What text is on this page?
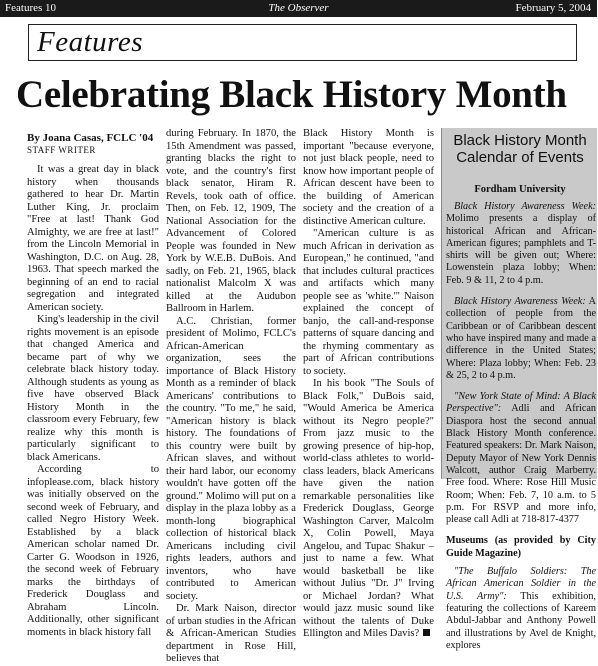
The Observer
Features 10	February 5, 2004
Features
Celebrating Black History Month
By Joana Casas, FCLC '04
STAFF WRITER

It was a great day in black history when thousands gathered to hear Dr. Martin Luther King, Jr. proclaim "Free at last! Thank God Almighty, we are free at last!" from the Lincoln Memorial in Washington, D.C. on Aug. 28, 1963. That speech marked the beginning of an end to racial segregation and integrated American society.

King's leadership in the civil rights movement is an episode that changed America and became part of why we celebrate black history today. Although students as young as five have observed Black History Month in the classroom every February, few realize why this month is particularly significant to black Americans.

According to infoplease.com, black history was initially observed on the second week of February, and called Negro History Week. Established by a black American scholar named Dr. Carter G. Woodson in 1926, the second week of February marks the birthdays of Frederick Douglass and Abraham Lincoln. Additionally, other significant moments in black history fall

during February. In 1870, the 15th Amendment was passed, granting blacks the right to vote, and the country's first black senator, Hiram R. Revels, took oath of office. Then, on Feb. 12, 1909, The National Association for the Advancement of Colored People was founded in New York by W.E.B. DuBois. And sadly, on Feb. 21, 1965, black nationalist Malcolm X was killed at the Audubon Ballroom in Harlem.

A.C. Christian, former president of Molimo, FCLC's African-American organization, sees the importance of Black History Month as a reminder of black Americans' contributions to the country. "To me," he said, "American history is black history. The foundations of this country were built by African slaves, and without their hard labor, our economy wouldn't have gotten off the ground." Molimo will put on a display in the plaza lobby as a month-long biographical collection of historical black Americans including civil rights leaders, authors and inventors, who have contributed to American society.

Dr. Mark Naison, director of urban studies in the African & African-American Studies department in Rose Hill, believes that

Black History Month is important "because everyone, not just black people, need to know how important people of African descent have been to the building of American society and the creation of a distinctive American culture.

"American culture is as much African in derivation as European," he continued, "and that includes cultural practices and artifacts which many people see as 'white.'" Naison explained the concept of banjo, the call-and-response patterns of square dancing and the rhyming commentary as part of African contributions to society.

In his book "The Souls of Black Folk," DuBois said, "Would America be America without its Negro people?" From jazz music to the growing presence of hip-hop, world-class athletes to world-class leaders, black Americans have given the nation remarkable personalities like Frederick Douglass, George Washington Carver, Malcolm X, Colin Powell, Maya Angelou, and Tupac Shakur – just to name a few. What would basketball be like without Julius "Dr. J" Irving or Michael Jordan? What would jazz music sound like without the talents of Duke Ellington and Miles Davis?

Black History Month
Calendar of Events
Fordham University

Black History Awareness Week: Molimo presents a display of historical African and African-American figures; pamphlets and T-shirts will be given out; Where: Lowenstein plaza lobby; When: Feb. 9 & 11, 2 to 4 p.m.

Black History Awareness Week: A collection of people from the Caribbean or of Caribbean descent who have inspired many and made a difference in the United States; Where: Plaza lobby; When: Feb. 23 & 25, 2 to 4 p.m.

"New York State of Mind: A Black Perspective": Adli and African Diaspora host the second annual Black History Month conference. Featured speakers: Dr. Mark Naison, Deputy Mayor of New York Dennis Walcott, author Craig Marberry. Free food. Where: Rose Hill Music Room; When: Feb. 7, 10 a.m. to 5 p.m. For RSVP and more info, please call Adli at 718-817-4377

Museums (as provided by City Guide Magazine)

"The Buffalo Soldiers: The African American Soldier in the U.S. Army": This exhibition, featuring the collections of Kareem Abdul-Jabbar and Anthony Powell and illustrations by Avel de Knight, explores
